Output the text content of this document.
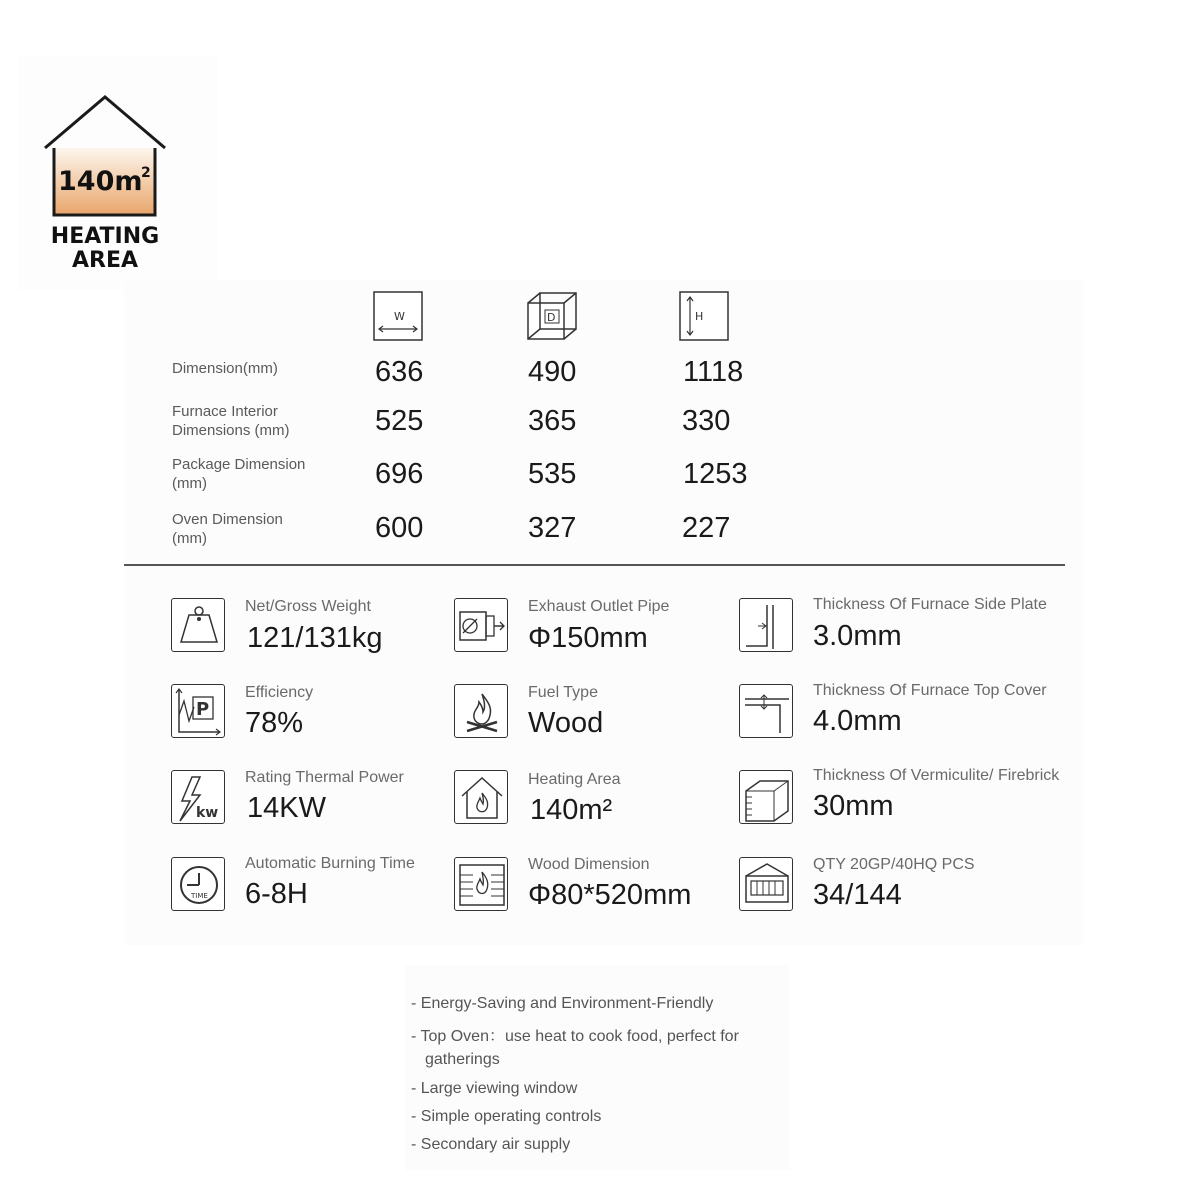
140m
2
HEATING
AREA
W	D	H
Dimension(mm)	636	490	1118
Furnace Interior
Dimensions (mm)	525	365	330
Package Dimension
(mm)	696	535	1253
Oven Dimension
(mm)	600	327	227
Net/Gross Weight
121/131kg
P
Efficiency
78%
kw
Rating Thermal Power
14KW
TIME
Automatic Burning Time
6-8H
Exhaust Outlet Pipe
Φ150mm
Fuel Type
Wood
Heating Area
140m²
Wood Dimension
Φ80*520mm
Thickness Of Furnace Side Plate
3.0mm
Thickness Of Furnace Top Cover
4.0mm
Thickness Of Vermiculite/ Firebrick
30mm
QTY 20GP/40HQ PCS
34/144
- Energy-Saving and Environment-Friendly
- Top Oven：use heat to cook food, perfect for
gatherings
- Large viewing window
- Simple operating controls
- Secondary air supply
